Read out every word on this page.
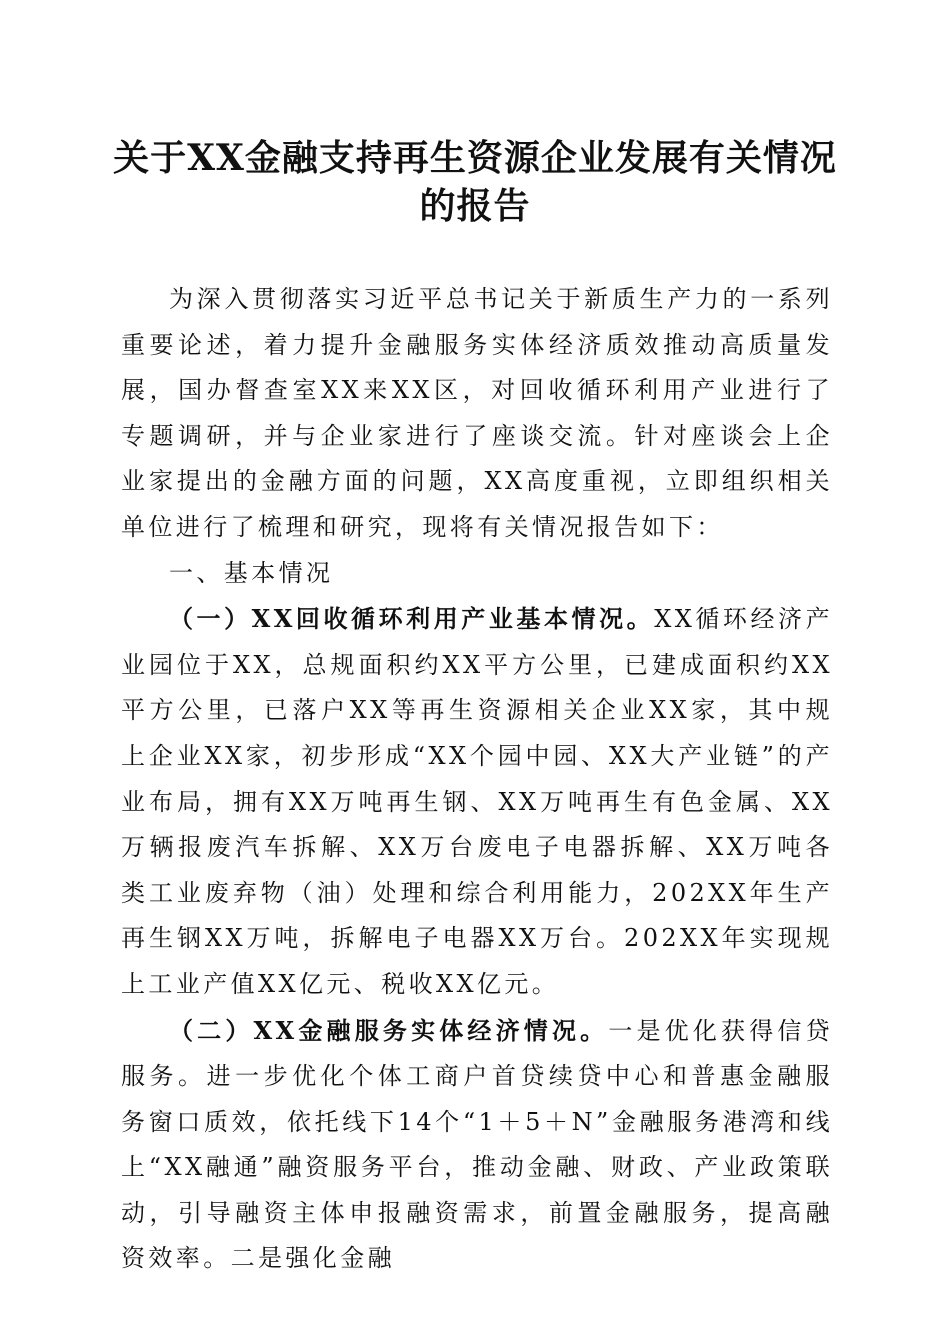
关于XX金融支持再生资源企业发展有关情况
的报告

为深入贯彻落实习近平总书记关于新质生产力的一系列重要论述，着力提升金融服务实体经济质效推动高质量发展，国办督查室XX来XX区，对回收循环利用产业进行了专题调研，并与企业家进行了座谈交流。针对座谈会上企业家提出的金融方面的问题，XX高度重视，立即组织相关单位进行了梳理和研究，现将有关情况报告如下：

一、基本情况

（一）XX回收循环利用产业基本情况。XX循环经济产业园位于XX，总规面积约XX平方公里，已建成面积约XX平方公里，已落户XX等再生资源相关企业XX家，其中规上企业XX家，初步形成“XX个园中园、XX大产业链”的产业布局，拥有XX万吨再生钢、XX万吨再生有色金属、XX万辆报废汽车拆解、XX万台废电子电器拆解、XX万吨各类工业废弃物（油）处理和综合利用能力，202XX年生产再生钢XX万吨，拆解电子电器XX万台。202XX年实现规上工业产值XX亿元、税收XX亿元。

（二）XX金融服务实体经济情况。一是优化获得信贷服务。进一步优化个体工商户首贷续贷中心和普惠金融服务窗口质效，依托线下14个“1＋5＋N”金融服务港湾和线上“XX融通”融资服务平台，推动金融、财政、产业政策联动，引导融资主体申报融资需求，前置金融服务，提高融资效率。二是强化金融
